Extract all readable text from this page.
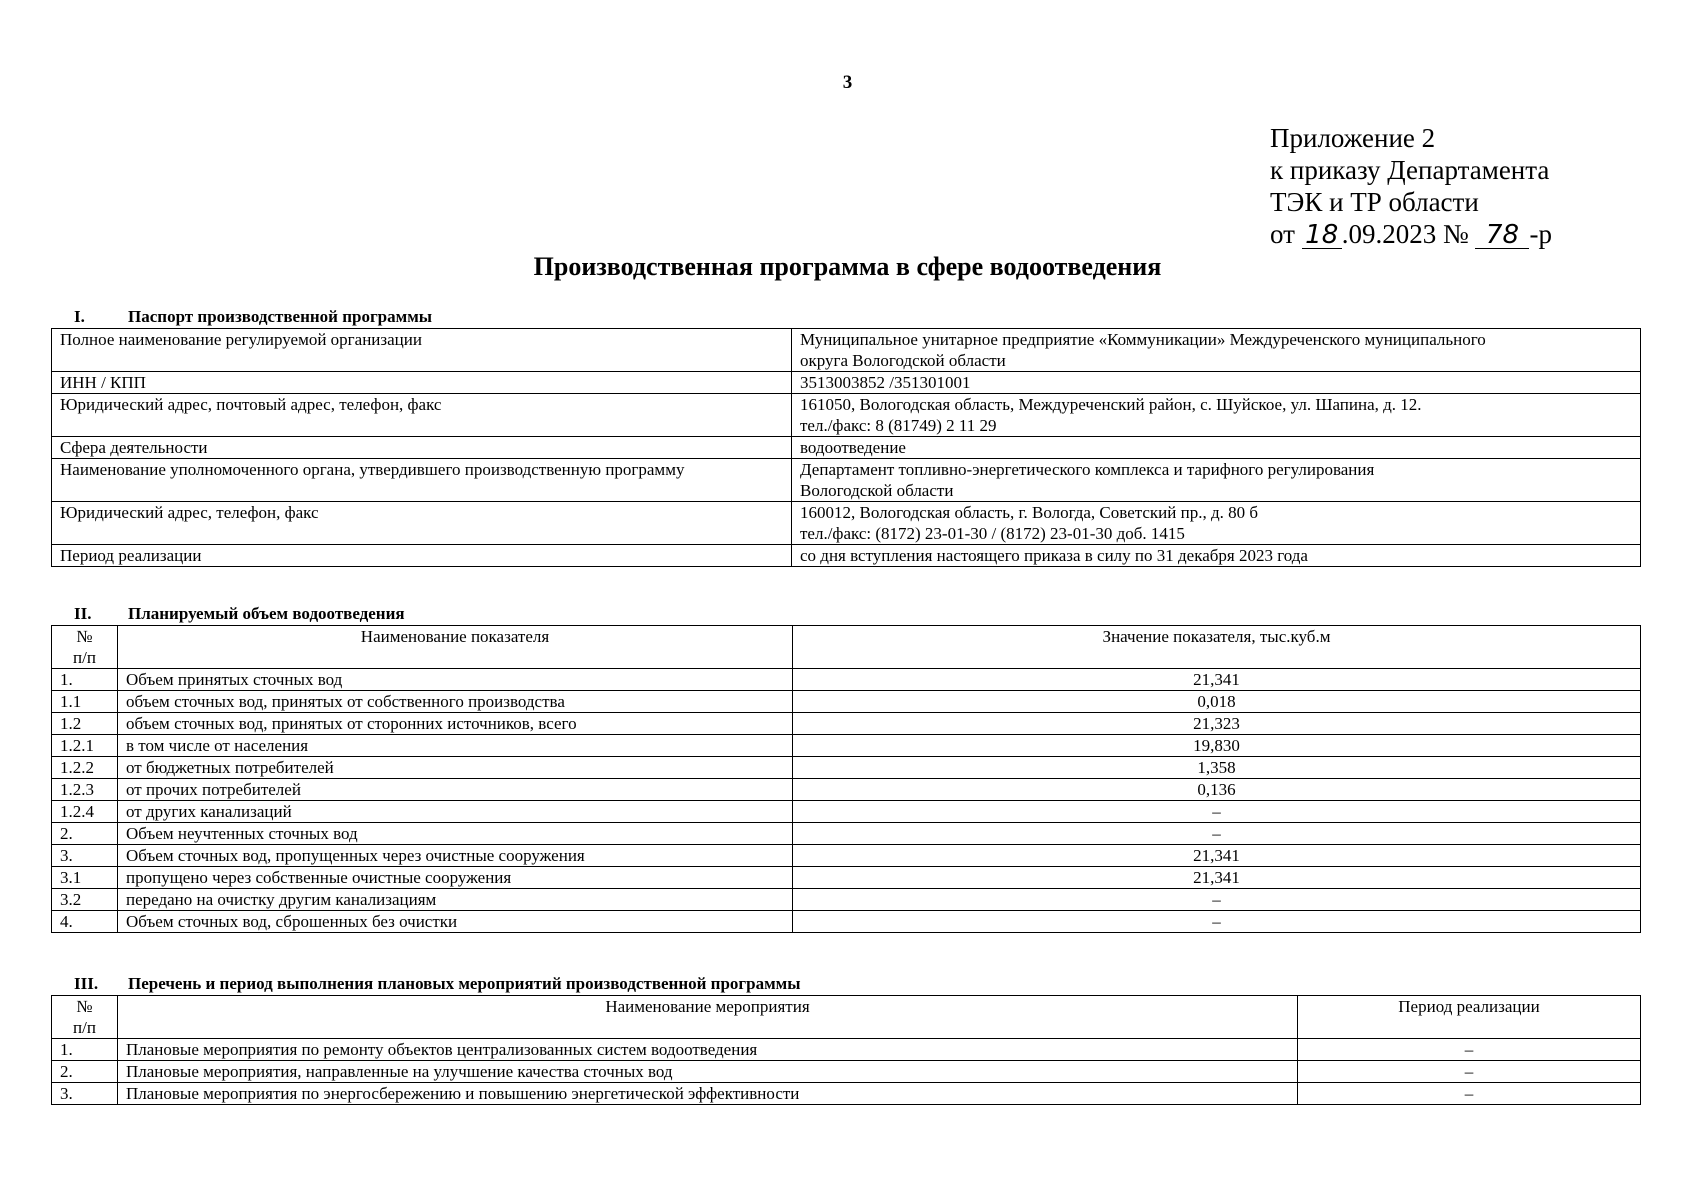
3
Приложение 2
к приказу Департамента
ТЭК и ТР области
от 18 .09.2023 № 78 -р
Производственная программа в сфере водоотведения
I.	Паспорт производственной программы
Полное наименование регулируемой организации	Муниципальное унитарное предприятие «Коммуникации» Междуреченского муниципального
округа Вологодской области

ИНН / КПП	3513003852 /351301001

Юридический адрес, почтовый адрес, телефон, факс	161050, Вологодская область, Междуреченский район, с. Шуйское, ул. Шапина, д. 12.
тел./факс: 8 (81749) 2 11 29

Сфера деятельности	водоотведение

Наименование уполномоченного органа, утвердившего производственную программу	Департамент топливно-энергетического комплекса и тарифного регулирования
Вологодской области

Юридический адрес, телефон, факс	160012, Вологодская область, г. Вологда, Советский пр., д. 80 б
тел./факс: (8172) 23-01-30 / (8172) 23-01-30 доб. 1415

Период реализации	со дня вступления настоящего приказа в силу по 31 декабря 2023 года
II. Планируемый объем водоотведения
№
п/п	Наименование показателя	Значение показателя, тыс.куб.м
1.	Объем принятых сточных вод	21,341
1.1	объем сточных вод, принятых от собственного производства	0,018
1.2	объем сточных вод, принятых от сторонних источников, всего	21,323
1.2.1	в том числе от населения	19,830
1.2.2	от бюджетных потребителей	1,358
1.2.3	от прочих потребителей	0,136
1.2.4	от других канализаций	–
2.	Объем неучтенных сточных вод	–
3.	Объем сточных вод, пропущенных через очистные сооружения	21,341
3.1	пропущено через собственные очистные сооружения	21,341
3.2	передано на очистку другим канализациям	–
4.	Объем сточных вод, сброшенных без очистки	–
III. Перечень и период выполнения плановых мероприятий производственной программы
№
п/п	Наименование мероприятия	Период реализации
1.	Плановые мероприятия по ремонту объектов централизованных систем водоотведения	–
2.	Плановые мероприятия, направленные на улучшение качества сточных вод	–
3.	Плановые мероприятия по энергосбережению и повышению энергетической эффективности	–
